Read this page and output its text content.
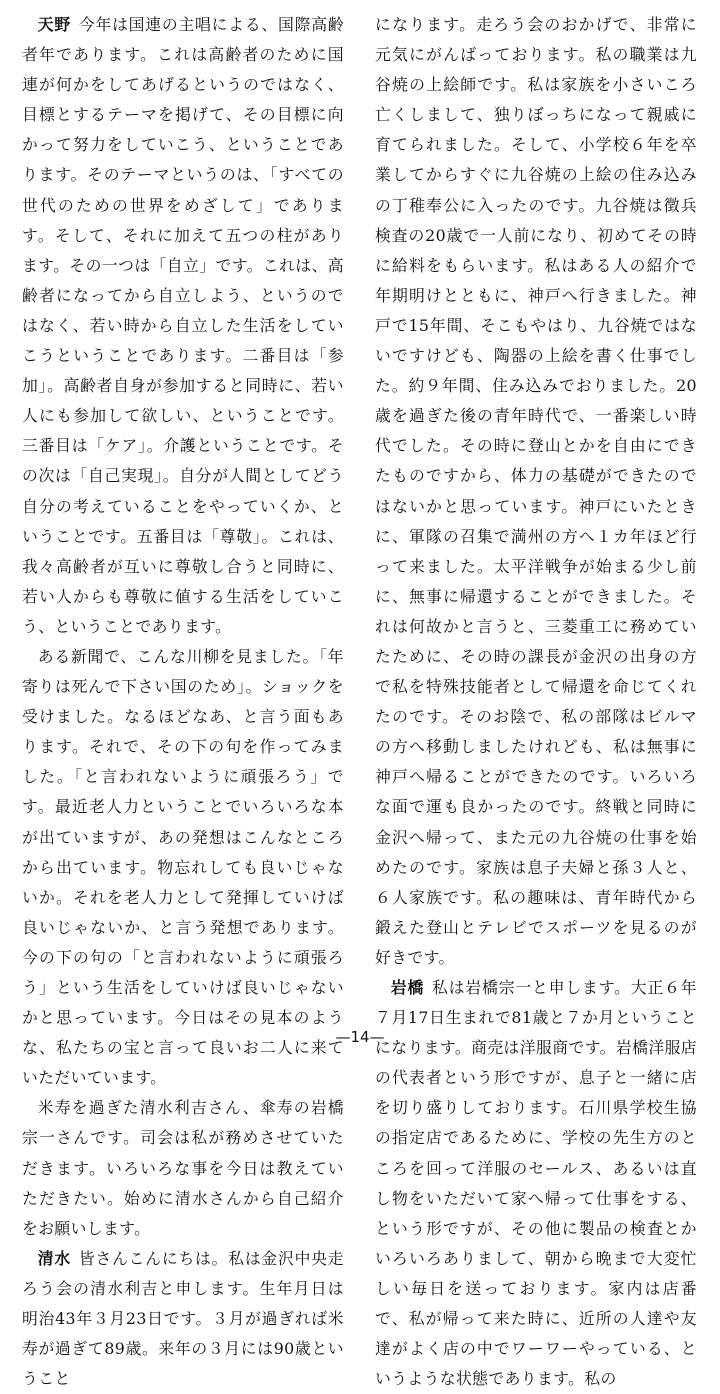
天野 今年は国連の主唱による、国際高齢者年であります。これは高齢者のために国連が何かをしてあげるというのではなく、目標とするテーマを掲げて、その目標に向かって努力をしていこう、ということであります。そのテーマというのは、「すべての世代のための世界をめざして」であります。そして、それに加えて五つの柱があります。その一つは「自立」です。これは、高齢者になってから自立しよう、というのではなく、若い時から自立した生活をしていこうということであります。二番目は「参加」。高齢者自身が参加すると同時に、若い人にも参加して欲しい、ということです。三番目は「ケア」。介護ということです。その次は「自己実現」。自分が人間としてどう自分の考えていることをやっていくか、ということです。五番目は「尊敬」。これは、我々高齢者が互いに尊敬し合うと同時に、若い人からも尊敬に値する生活をしていこう、ということであります。

ある新聞で、こんな川柳を見ました。「年寄りは死んで下さい国のため」。ショックを受けました。なるほどなあ、と言う面もあります。それで、その下の句を作ってみました。「と言われないように頑張ろう」です。最近老人力ということでいろいろな本が出ていますが、あの発想はこんなところから出ています。物忘れしても良いじゃないか。それを老人力として発揮していけば良いじゃないか、と言う発想であります。今の下の句の「と言われないように頑張ろう」という生活をしていけば良いじゃないかと思っています。今日はその見本のような、私たちの宝と言って良いお二人に来ていただいています。

米寿を過ぎた清水利吉さん、傘寿の岩橋宗一さんです。司会は私が務めさせていただきます。いろいろな事を今日は教えていただきたい。始めに清水さんから自己紹介をお願いします。

清水 皆さんこんにちは。私は金沢中央走ろう会の清水利吉と申します。生年月日は明治43年３月23日です。３月が過ぎれば米寿が過ぎて89歳。来年の３月には90歳ということ

になります。走ろう会のおかげで、非常に元気にがんばっております。私の職業は九谷焼の上絵師です。私は家族を小さいころ亡くしまして、独りぼっちになって親戚に育てられました。そして、小学校６年を卒業してからすぐに九谷焼の上絵の住み込みの丁稚奉公に入ったのです。九谷焼は徴兵検査の20歳で一人前になり、初めてその時に給料をもらいます。私はある人の紹介で年期明けとともに、神戸へ行きました。神戸で15年間、そこもやはり、九谷焼ではないですけども、陶器の上絵を書く仕事でした。約９年間、住み込みでおりました。20歳を過ぎた後の青年時代で、一番楽しい時代でした。その時に登山とかを自由にできたものですから、体力の基礎ができたのではないかと思っています。神戸にいたときに、軍隊の召集で満州の方へ１カ年ほど行って来ました。太平洋戦争が始まる少し前に、無事に帰還することができました。それは何故かと言うと、三菱重工に務めていたために、その時の課長が金沢の出身の方で私を特殊技能者として帰還を命じてくれたのです。そのお陰で、私の部隊はビルマの方へ移動しましたけれども、私は無事に神戸へ帰ることができたのです。いろいろな面で運も良かったのです。終戦と同時に金沢へ帰って、また元の九谷焼の仕事を始めたのです。家族は息子夫婦と孫３人と、６人家族です。私の趣味は、青年時代から鍛えた登山とテレビでスポーツを見るのが好きです。

岩橋 私は岩橋宗一と申します。大正６年７月17日生まれで81歳と７か月ということになります。商売は洋服商です。岩橋洋服店の代表者という形ですが、息子と一緒に店を切り盛りしております。石川県学校生協の指定店であるために、学校の先生方のところを回って洋服のセールス、あるいは直し物をいただいて家へ帰って仕事をする、という形ですが、その他に製品の検査とかいろいろありまして、朝から晩まで大変忙しい毎日を送っております。家内は店番で、私が帰って来た時に、近所の人達や友達がよく店の中でワーワーやっている、というような状態であります。私の

—14—
